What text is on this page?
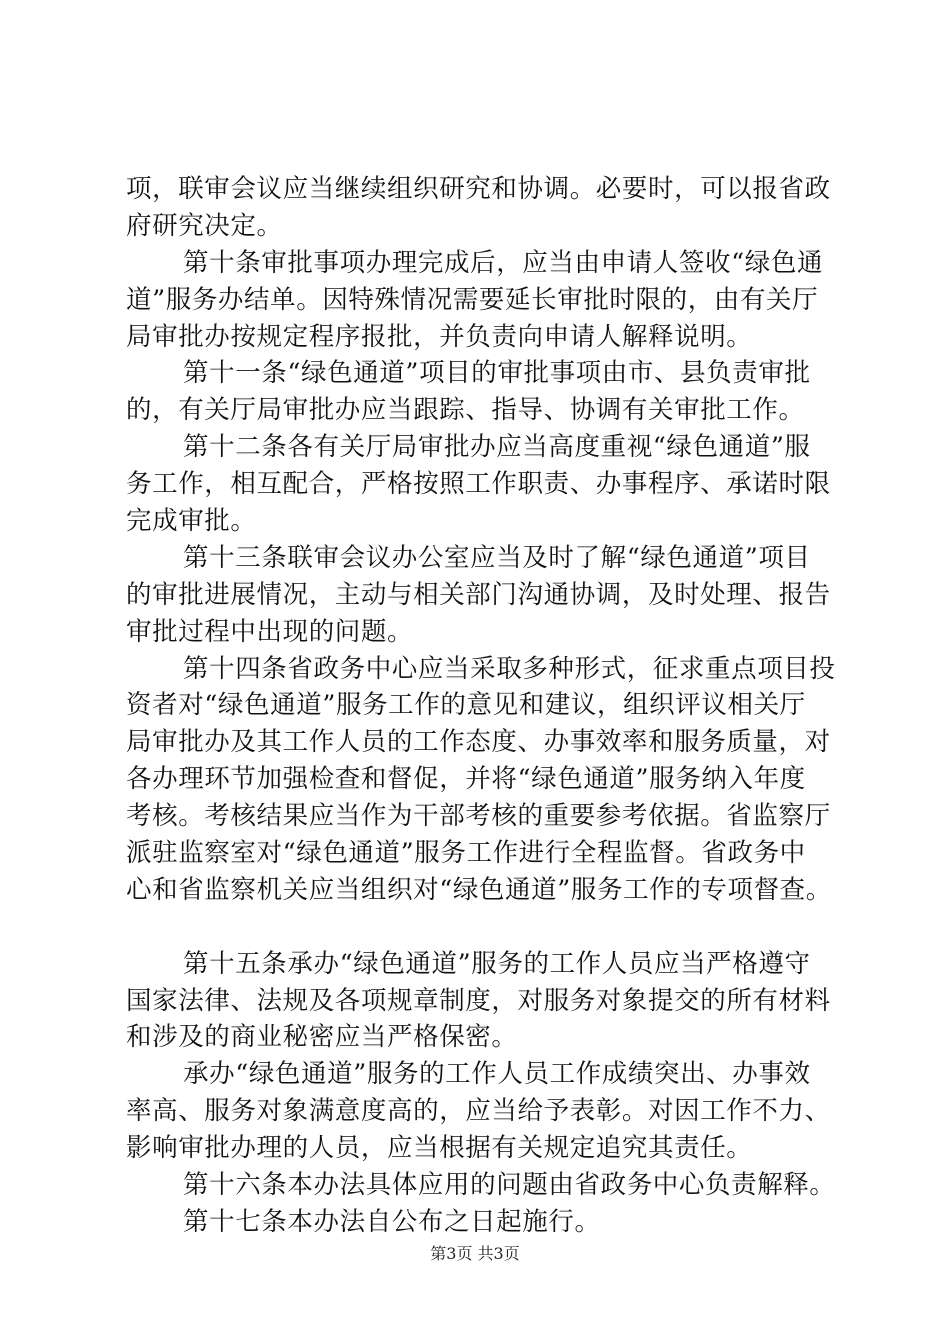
项，联审会议应当继续组织研究和协调。必要时，可以报省政
府研究决定。
第十条审批事项办理完成后，应当由申请人签收“绿色通
道”服务办结单。因特殊情况需要延长审批时限的，由有关厅
局审批办按规定程序报批，并负责向申请人解释说明。
第十一条“绿色通道”项目的审批事项由市、县负责审批
的，有关厅局审批办应当跟踪、指导、协调有关审批工作。
第十二条各有关厅局审批办应当高度重视“绿色通道”服
务工作，相互配合，严格按照工作职责、办事程序、承诺时限
完成审批。
第十三条联审会议办公室应当及时了解“绿色通道”项目
的审批进展情况，主动与相关部门沟通协调，及时处理、报告
审批过程中出现的问题。
第十四条省政务中心应当采取多种形式，征求重点项目投
资者对“绿色通道”服务工作的意见和建议，组织评议相关厅
局审批办及其工作人员的工作态度、办事效率和服务质量，对
各办理环节加强检查和督促，并将“绿色通道”服务纳入年度
考核。考核结果应当作为干部考核的重要参考依据。省监察厅
派驻监察室对“绿色通道”服务工作进行全程监督。省政务中
心和省监察机关应当组织对“绿色通道”服务工作的专项督查。
第十五条承办“绿色通道”服务的工作人员应当严格遵守
国家法律、法规及各项规章制度，对服务对象提交的所有材料
和涉及的商业秘密应当严格保密。
承办“绿色通道”服务的工作人员工作成绩突出、办事效
率高、服务对象满意度高的，应当给予表彰。对因工作不力、
影响审批办理的人员，应当根据有关规定追究其责任。
第十六条本办法具体应用的问题由省政务中心负责解释。
第十七条本办法自公布之日起施行。
第3页 共3页
